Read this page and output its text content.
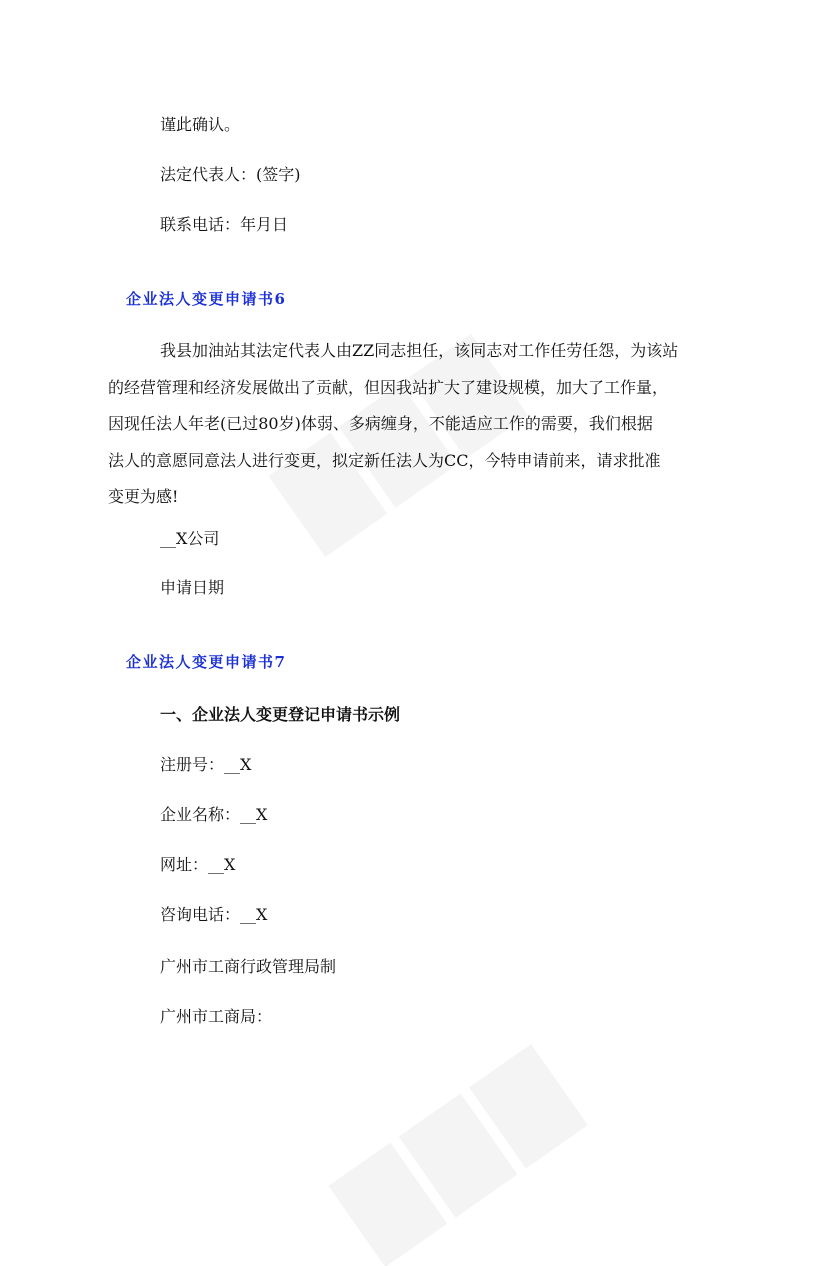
谨此确认。
法定代表人：(签字)
联系电话：年月日
企业法人变更申请书6
我县加油站其法定代表人由ZZ同志担任，该同志对工作任劳任怨，为该站
的经营管理和经济发展做出了贡献，但因我站扩大了建设规模，加大了工作量，
因现任法人年老(已过80岁)体弱、多病缠身，不能适应工作的需要，我们根据
法人的意愿同意法人进行变更，拟定新任法人为CC，今特申请前来，请求批准
变更为感!
__X公司
申请日期
企业法人变更申请书7
一、企业法人变更登记申请书示例
注册号：__X
企业名称：__X
网址：__X
咨询电话：__X
广州市工商行政管理局制
广州市工商局：
